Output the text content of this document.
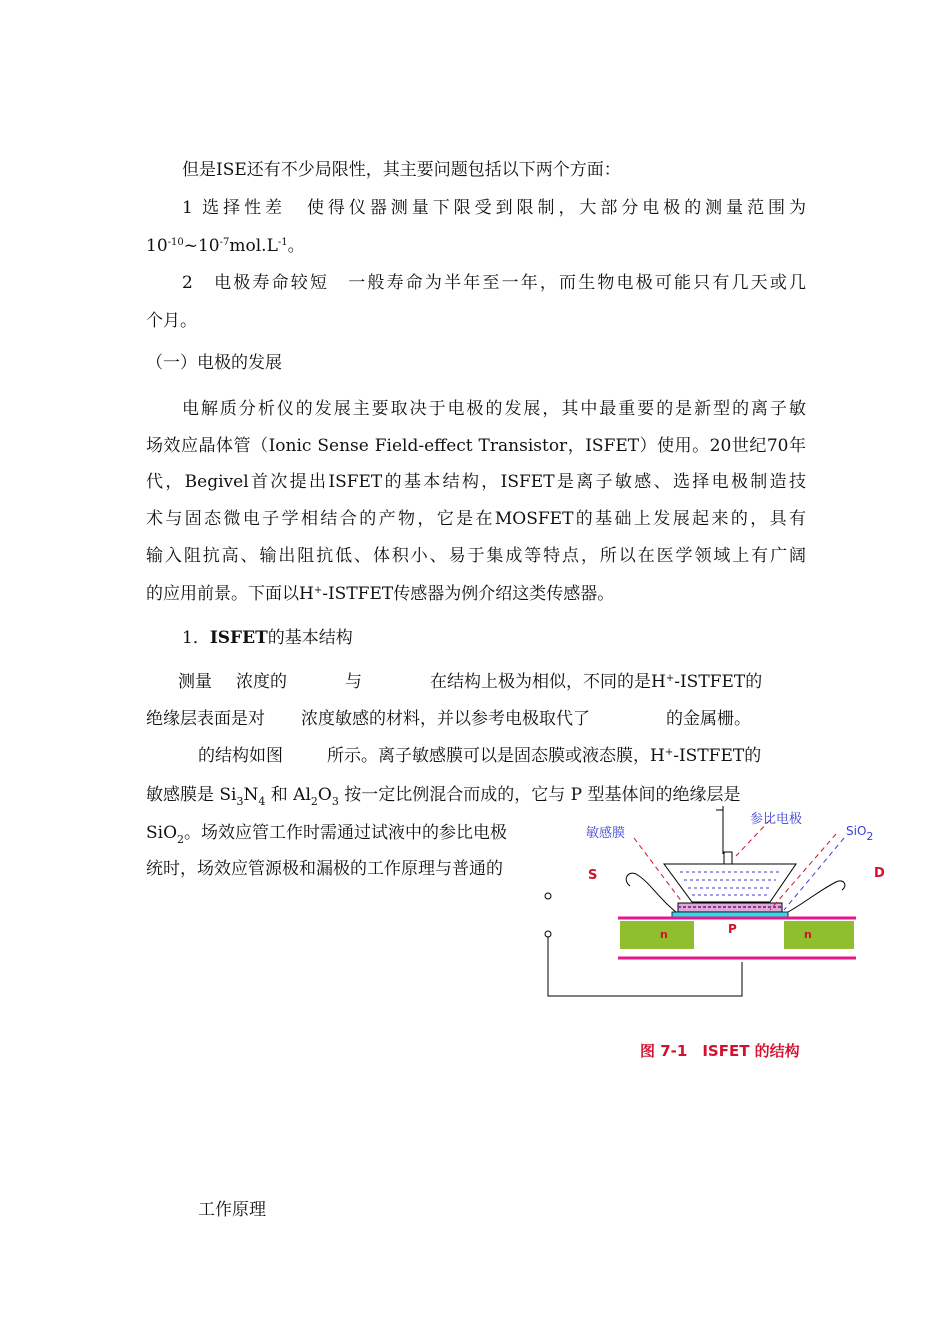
但是ISE还有不少局限性，其主要问题包括以下两个方面：
1 选择性差　使得仪器测量下限受到限制，大部分电极的测量范围为
$10^{-10}\sim 10^{-7}mol.L^{-1}$。
2　电极寿命较短　一般寿命为半年至一年，而生物电极可能只有几天或几
个月。
（一）电极的发展
电解质分析仪的发展主要取决于电极的发展，其中最重要的是新型的离子敏
场效应晶体管（Ionic Sense Field-effect Transistor，ISFET）使用。20世纪70年
代，Begivel首次提出ISFET的基本结构，ISFET是离子敏感、选择电极制造技
术与固态微电子学相结合的产物，它是在MOSFET的基础上发展起来的，具有
输入阻抗高、输出阻抗低、体积小、易于集成等特点，所以在医学领域上有广阔
的应用前景。下面以H+-ISTFET传感器为例介绍这类传感器。
1．ISFET的基本结构
测量 浓度的	与	在结构上极为相似，不同的是H+-ISTFET的
绝缘层表面是对 浓度敏感的材料，并以参考电极取代了	的金属栅。
的结构如图	所示。离子敏感膜可以是固态膜或液态膜，H+-ISTFET的
敏感膜是 $Si_3N_4$ 和 $Al_2O_3$ 按一定比例混合而成的，它与 P 型基体间的绝缘层是
SiO$_2$。场效应管工作时需通过试液中的参比电极
统时，场效应管源极和漏极的工作原理与普通的
敏感膜
参比电极
SiO$_2$
S	D
n	n
P
图 7-1　ISFET 的结构
工作原理
